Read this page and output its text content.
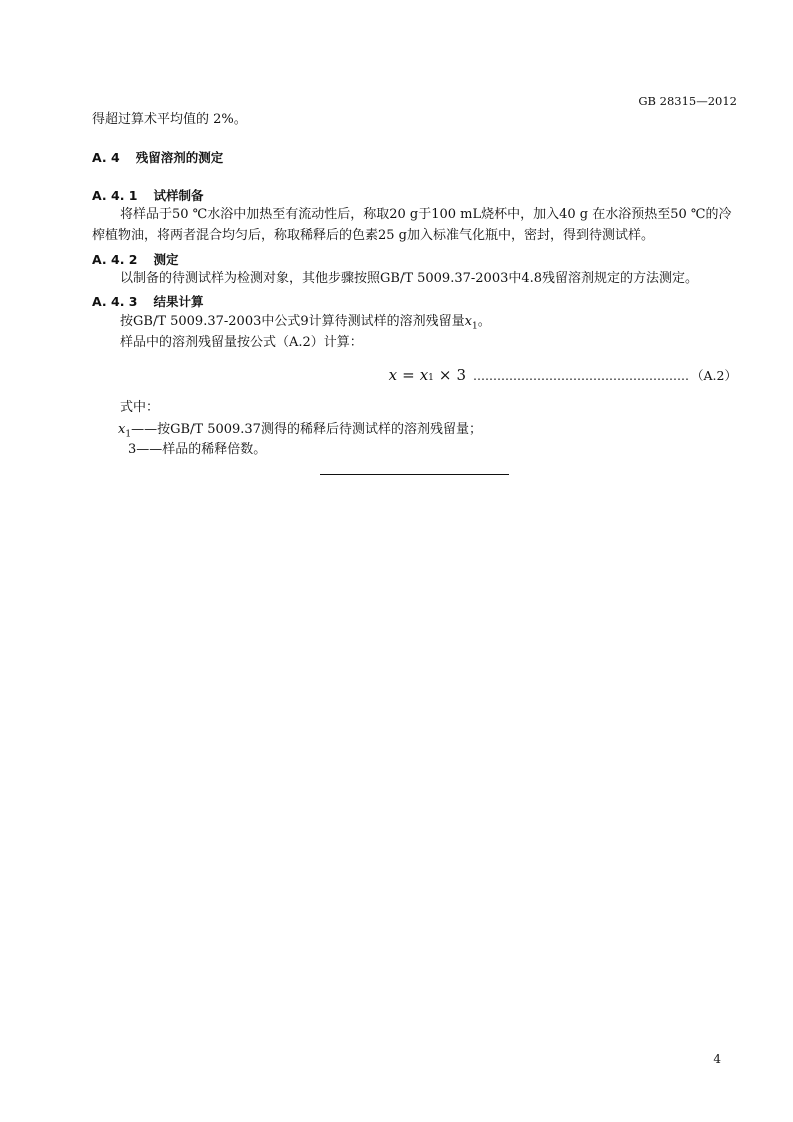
GB 28315—2012
得超过算术平均值的 2%。
A. 4 残留溶剂的测定
A. 4. 1 试样制备
将样品于50 ℃水浴中加热至有流动性后，称取20 g于100 mL烧杯中，加入40 g 在水浴预热至50 ℃的冷
榨植物油，将两者混合均匀后，称取稀释后的色素25 g加入标准气化瓶中，密封，得到待测试样。
A. 4. 2 测定
以制备的待测试样为检测对象，其他步骤按照GB/T 5009.37-2003中4.8残留溶剂规定的方法测定。
A. 4. 3 结果计算
按GB/T 5009.37-2003中公式9计算待测试样的溶剂残留量$x_1$。
样品中的溶剂残留量按公式（A.2）计算：
$x = x_1 \times 3$ ……………………………………………… （A.2）
式中：
$x_1——$按GB/T 5009.37测得的稀释后待测试样的溶剂残留量；
3——样品的稀释倍数。
4
